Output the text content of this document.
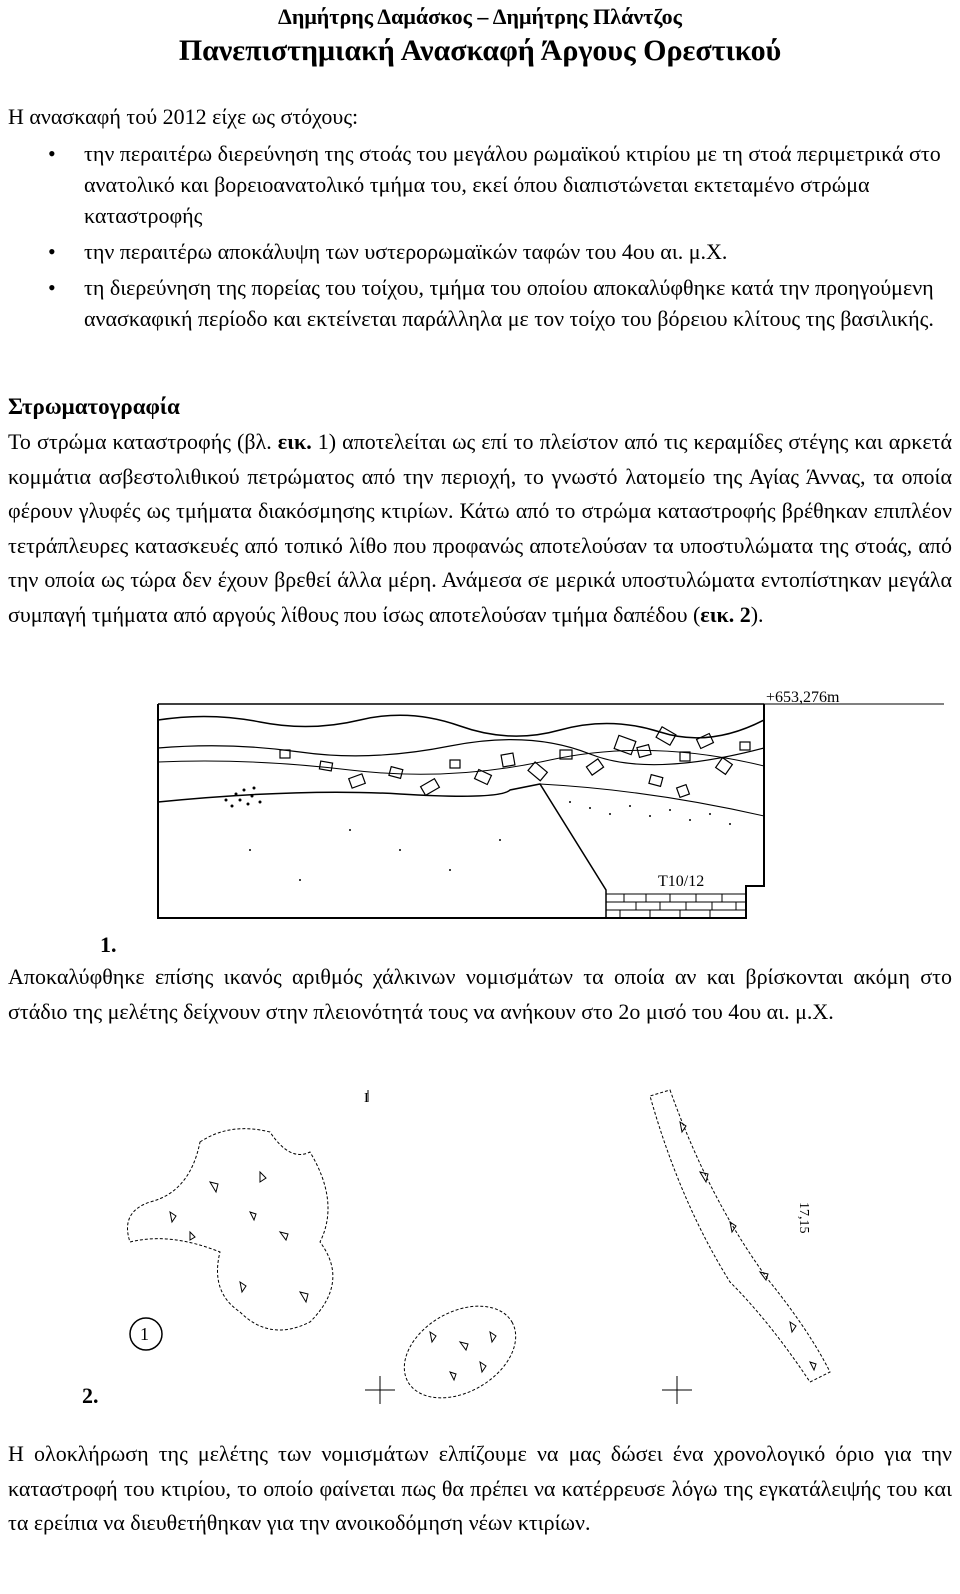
Δημήτρης Δαμάσκος – Δημήτρης Πλάντζος
Πανεπιστημιακή Ανασκαφή Άργους Ορεστικού
Η ανασκαφή τού 2012 είχε ως στόχους:
• την περαιτέρω διερεύνηση της στοάς του μεγάλου ρωμαϊκού κτιρίου με τη στοά περιμετρικά στο ανατολικό και βορειοανατολικό τμήμα του, εκεί όπου διαπιστώνεται εκτεταμένο στρώμα καταστροφής
• την περαιτέρω αποκάλυψη των υστερορωμαϊκών ταφών του 4ου αι. μ.Χ.
• τη διερεύνηση της πορείας του τοίχου, τμήμα του οποίου αποκαλύφθηκε κατά την προηγούμενη ανασκαφική περίοδο και εκτείνεται παράλληλα με τον τοίχο του βόρειου κλίτους της βασιλικής.
Στρωματογραφία

Το στρώμα καταστροφής (βλ. εικ. 1) αποτελείται ως επί το πλείστον από τις κεραμίδες στέγης και αρκετά κομμάτια ασβεστολιθικού πετρώματος από την περιοχή, το γνωστό λατομείο της Αγίας Άννας, τα οποία φέρουν γλυφές ως τμήματα διακόσμησης κτιρίων. Κάτω από το στρώμα καταστροφής βρέθηκαν επιπλέον τετράπλευρες κατασκευές από τοπικό λίθο που προφανώς αποτελούσαν τα υποστυλώματα της στοάς, από την οποία ως τώρα δεν έχουν βρεθεί άλλα μέρη. Ανάμεσα σε μερικά υποστυλώματα εντοπίστηκαν μεγάλα συμπαγή τμήματα από αργούς λίθους που ίσως αποτελούσαν τμήμα δαπέδου (εικ. 2).

+653,276m
T10/12
1.

Αποκαλύφθηκε επίσης ικανός αριθμός χάλκινων νομισμάτων τα οποία αν και βρίσκονται ακόμη στο στάδιο της μελέτης δείχνουν στην πλειονότητά τους να ανήκουν στο 2ο μισό του 4ου αι. μ.Χ.

1
17,15
I
2.

Η ολοκλήρωση της μελέτης των νομισμάτων ελπίζουμε να μας δώσει ένα χρονολογικό όριο για την καταστροφή του κτιρίου, το οποίο φαίνεται πως θα πρέπει να κατέρρευσε λόγω της εγκατάλειψής του και τα ερείπια να διευθετήθηκαν για την ανοικοδόμηση νέων κτιρίων.
